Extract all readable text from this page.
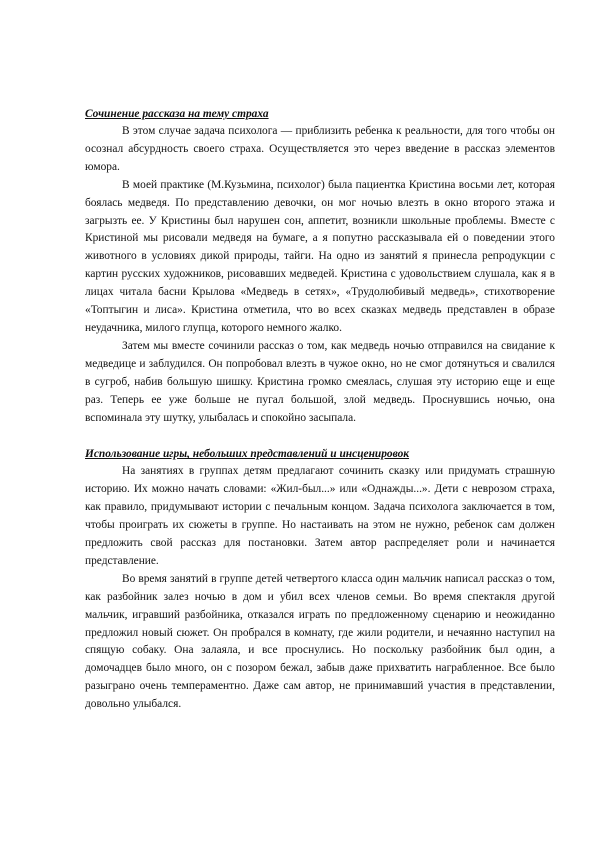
Сочинение рассказа на тему страха

В этом случае задача психолога — приблизить ребенка к реальности, для того чтобы он осознал абсурдность своего страха. Осуществляется это через введение в рассказ элементов юмора.

В моей практике (М.Кузьмина, психолог) была пациентка Кристина восьми лет, которая боялась медведя. По представлению девочки, он мог ночью влезть в окно второго этажа и загрызть ее. У Кристины был нарушен сон, аппетит, возникли школьные проблемы. Вместе с Кристиной мы рисовали медведя на бумаге, а я попутно рассказывала ей о поведении этого животного в условиях дикой природы, тайги. На одно из занятий я принесла репродукции с картин русских художников, рисовавших медведей. Кристина с удовольствием слушала, как я в лицах читала басни Крылова «Медведь в сетях», «Трудолюбивый медведь», стихотворение «Топтыгин и лиса». Кристина отметила, что во всех сказках медведь представлен в образе неудачника, милого глупца, которого немного жалко.

Затем мы вместе сочинили рассказ о том, как медведь ночью отправился на свидание к медведице и заблудился. Он попробовал влезть в чужое окно, но не смог дотянуться и свалился в сугроб, набив большую шишку. Кристина громко смеялась, слушая эту историю еще и еще раз. Теперь ее уже больше не пугал большой, злой медведь. Проснувшись ночью, она вспоминала эту шутку, улыбалась и спокойно засыпала.

Использование игры, небольших представлений и инсценировок

На занятиях в группах детям предлагают сочинить сказку или придумать страшную историю. Их можно начать словами: «Жил-был...» или «Однажды...». Дети с неврозом страха, как правило, придумывают истории с печальным концом. Задача психолога заключается в том, чтобы проиграть их сюжеты в группе. Но настаивать на этом не нужно, ребенок сам должен предложить свой рассказ для постановки. Затем автор распределяет роли и начинается представление.

Во время занятий в группе детей четвертого класса один мальчик написал рассказ о том, как разбойник залез ночью в дом и убил всех членов семьи. Во время спектакля другой мальчик, игравший разбойника, отказался играть по предложенному сценарию и неожиданно предложил новый сюжет. Он пробрался в комнату, где жили родители, и нечаянно наступил на спящую собаку. Она залаяла, и все проснулись. Но поскольку разбойник был один, а домочадцев было много, он с позором бежал, забыв даже прихватить награбленное. Все было разыграно очень темпераментно. Даже сам автор, не принимавший участия в представлении, довольно улыбался.
